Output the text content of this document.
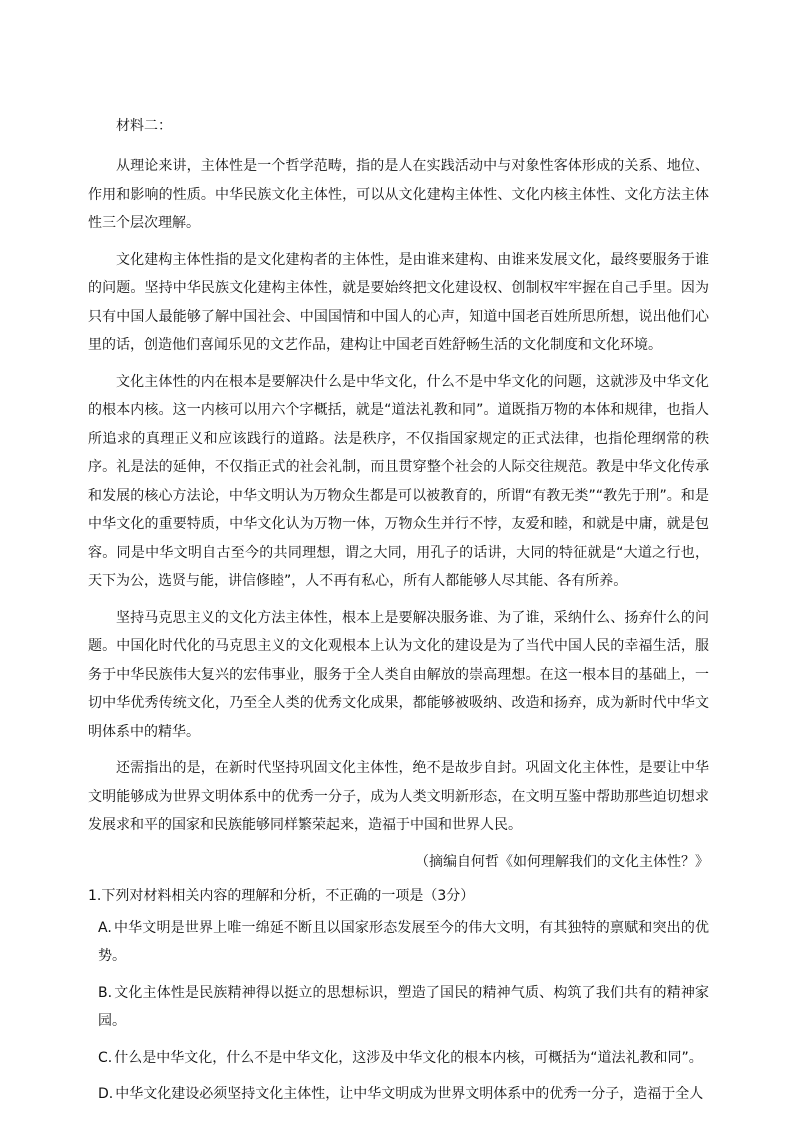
材料二：

从理论来讲，主体性是一个哲学范畴，指的是人在实践活动中与对象性客体形成的关系、地位、作用和影响的性质。中华民族文化主体性，可以从文化建构主体性、文化内核主体性、文化方法主体性三个层次理解。

文化建构主体性指的是文化建构者的主体性，是由谁来建构、由谁来发展文化，最终要服务于谁的问题。坚持中华民族文化建构主体性，就是要始终把文化建设权、创制权牢牢握在自己手里。因为只有中国人最能够了解中国社会、中国国情和中国人的心声，知道中国老百姓所思所想，说出他们心里的话，创造他们喜闻乐见的文艺作品，建构让中国老百姓舒畅生活的文化制度和文化环境。

文化主体性的内在根本是要解决什么是中华文化，什么不是中华文化的问题，这就涉及中华文化的根本内核。这一内核可以用六个字概括，就是“道法礼教和同”。道既指万物的本体和规律，也指人所追求的真理正义和应该践行的道路。法是秩序，不仅指国家规定的正式法律，也指伦理纲常的秩序。礼是法的延伸，不仅指正式的社会礼制，而且贯穿整个社会的人际交往规范。教是中华文化传承和发展的核心方法论，中华文明认为万物众生都是可以被教育的，所谓“有教无类”“教先于刑”。和是中华文化的重要特质，中华文化认为万物一体，万物众生并行不悖，友爱和睦，和就是中庸，就是包容。同是中华文明自古至今的共同理想，谓之大同，用孔子的话讲，大同的特征就是“大道之行也，天下为公，选贤与能，讲信修睦”，人不再有私心，所有人都能够人尽其能、各有所养。

坚持马克思主义的文化方法主体性，根本上是要解决服务谁、为了谁，采纳什么、扬弃什么的问题。中国化时代化的马克思主义的文化观根本上认为文化的建设是为了当代中国人民的幸福生活，服务于中华民族伟大复兴的宏伟事业，服务于全人类自由解放的崇高理想。在这一根本目的基础上，一切中华优秀传统文化，乃至全人类的优秀文化成果，都能够被吸纳、改造和扬弃，成为新时代中华文明体系中的精华。

还需指出的是，在新时代坚持巩固文化主体性，绝不是故步自封。巩固文化主体性，是要让中华文明能够成为世界文明体系中的优秀一分子，成为人类文明新形态，在文明互鉴中帮助那些迫切想求发展求和平的国家和民族能够同样繁荣起来，造福于中国和世界人民。

（摘编自何哲《如何理解我们的文化主体性？》
1.下列对材料相关内容的理解和分析，不正确的一项是（3分）
A. 中华文明是世界上唯一绵延不断且以国家形态发展至今的伟大文明，有其独特的禀赋和突出的优势。
B. 文化主体性是民族精神得以挺立的思想标识，塑造了国民的精神气质、构筑了我们共有的精神家园。
C. 什么是中华文化，什么不是中华文化，这涉及中华文化的根本内核，可概括为“道法礼教和同”。
D. 中华文化建设必须坚持文化主体性，让中华文明成为世界文明体系中的优秀一分子，造福于全人
